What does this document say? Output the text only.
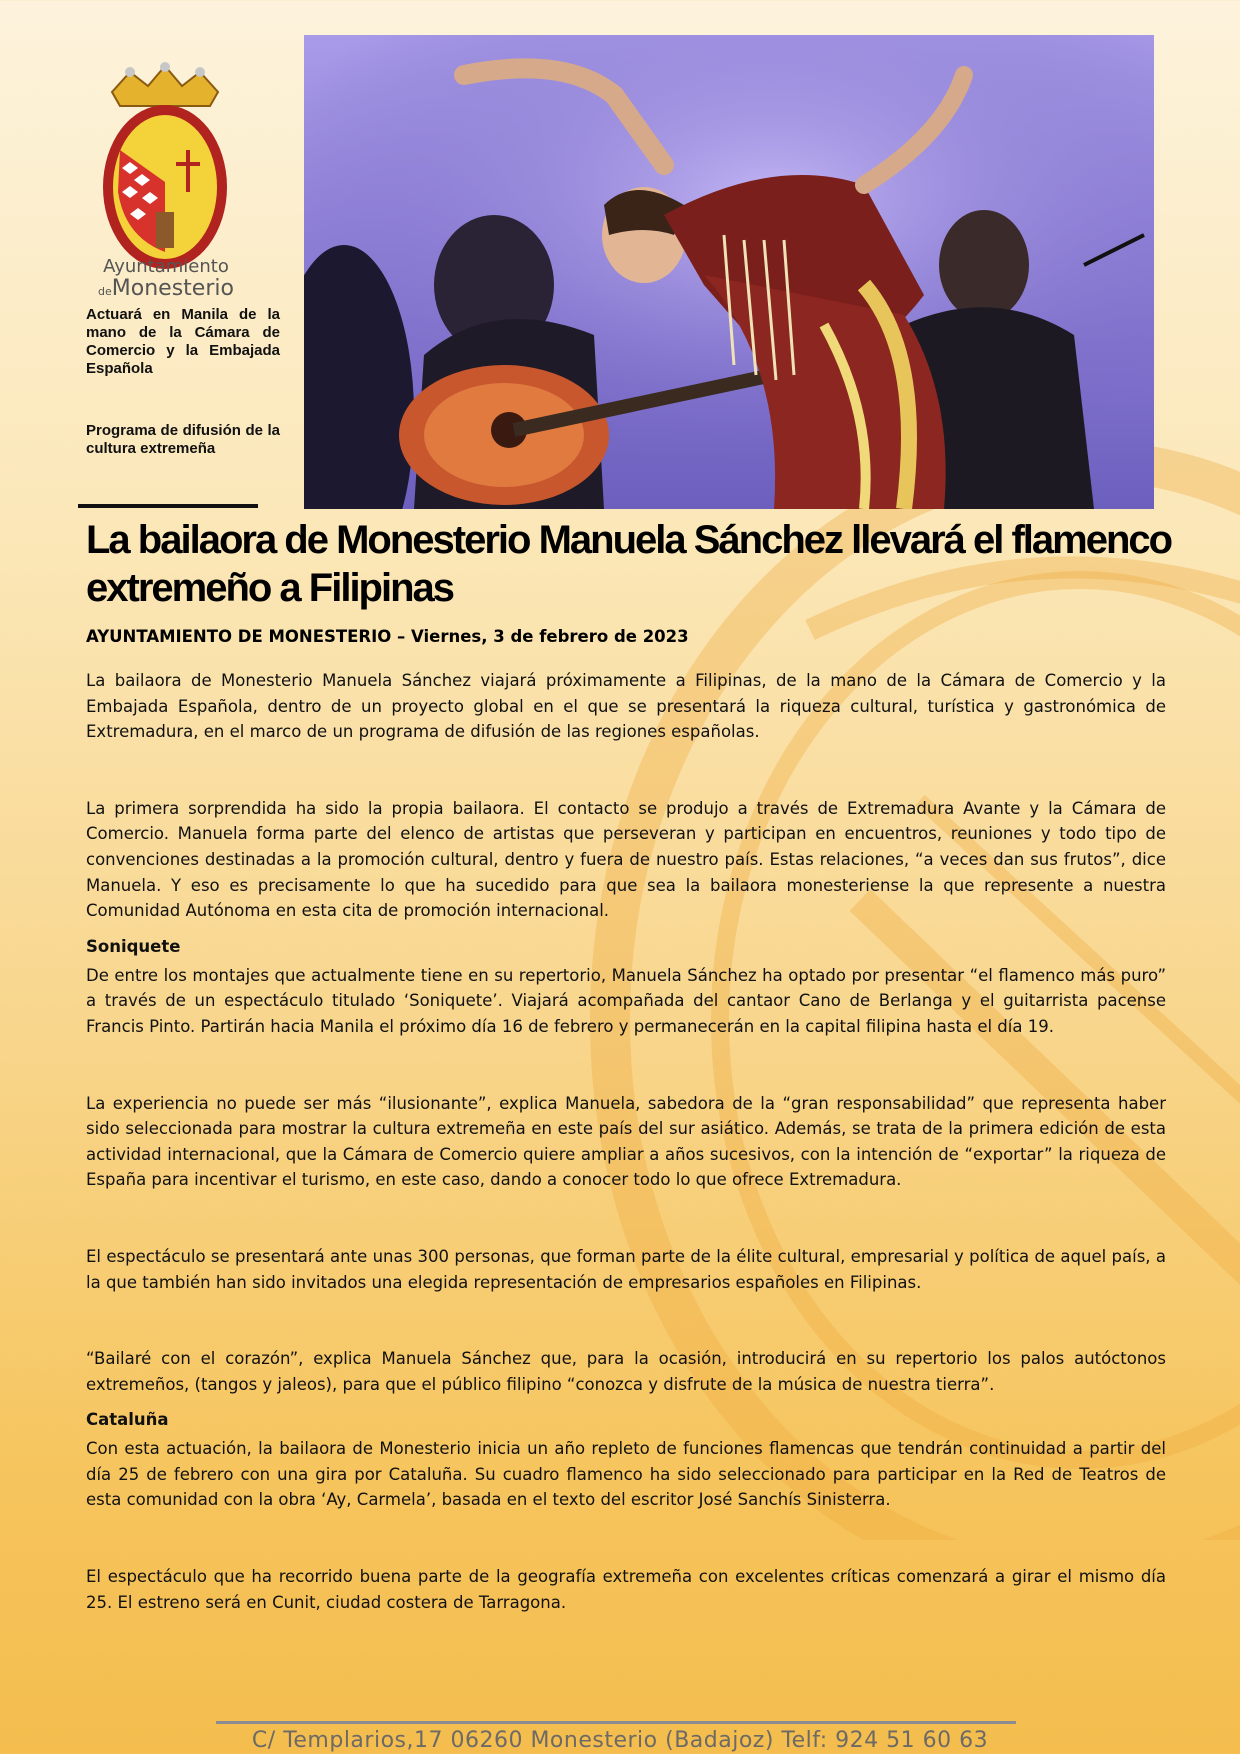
Ayuntamiento
deMonesterio
Actuará en Manila de la mano de la Cámara de Comercio y la Embajada Española
Programa de difusión de la cultura extremeña
La bailaora de Monesterio Manuela Sánchez llevará el flamenco extremeño a Filipinas

AYUNTAMIENTO DE MONESTERIO – Viernes, 3 de febrero de 2023

La bailaora de Monesterio Manuela Sánchez viajará próximamente a Filipinas, de la mano de la Cámara de Comercio y la Embajada Española, dentro de un proyecto global en el que se presentará la riqueza cultural, turística y gastronómica de Extremadura, en el marco de un programa de difusión de las regiones españolas.

La primera sorprendida ha sido la propia bailaora. El contacto se produjo a través de Extremadura Avante y la Cámara de Comercio. Manuela forma parte del elenco de artistas que perseveran y participan en encuentros, reuniones y todo tipo de convenciones destinadas a la promoción cultural, dentro y fuera de nuestro país. Estas relaciones, “a veces dan sus frutos”, dice Manuela. Y eso es precisamente lo que ha sucedido para que sea la bailaora monesteriense la que represente a nuestra Comunidad Autónoma en esta cita de promoción internacional.

Soniquete

De entre los montajes que actualmente tiene en su repertorio, Manuela Sánchez ha optado por presentar “el flamenco más puro” a través de un espectáculo titulado ‘Soniquete’. Viajará acompañada del cantaor Cano de Berlanga y el guitarrista pacense Francis Pinto. Partirán hacia Manila el próximo día 16 de febrero y permanecerán en la capital filipina hasta el día 19.

La experiencia no puede ser más “ilusionante”, explica Manuela, sabedora de la “gran responsabilidad” que representa haber sido seleccionada para mostrar la cultura extremeña en este país del sur asiático. Además, se trata de la primera edición de esta actividad internacional, que la Cámara de Comercio quiere ampliar a años sucesivos, con la intención de “exportar” la riqueza de España para incentivar el turismo, en este caso, dando a conocer todo lo que ofrece Extremadura.

El espectáculo se presentará ante unas 300 personas, que forman parte de la élite cultural, empresarial y política de aquel país, a la que también han sido invitados una elegida representación de empresarios españoles en Filipinas.

“Bailaré con el corazón”, explica Manuela Sánchez que, para la ocasión, introducirá en su repertorio los palos autóctonos extremeños, (tangos y jaleos), para que el público filipino “conozca y disfrute de la música de nuestra tierra”.

Cataluña

Con esta actuación, la bailaora de Monesterio inicia un año repleto de funciones flamencas que tendrán continuidad a partir del día 25 de febrero con una gira por Cataluña. Su cuadro flamenco ha sido seleccionado para participar en la Red de Teatros de esta comunidad con la obra ‘Ay, Carmela’, basada en el texto del escritor José Sanchís Sinisterra.

El espectáculo que ha recorrido buena parte de la geografía extremeña con excelentes críticas comenzará a girar el mismo día 25. El estreno será en Cunit, ciudad costera de Tarragona.

C/ Templarios,17 06260 Monesterio (Badajoz) Telf: 924 51 60 63
